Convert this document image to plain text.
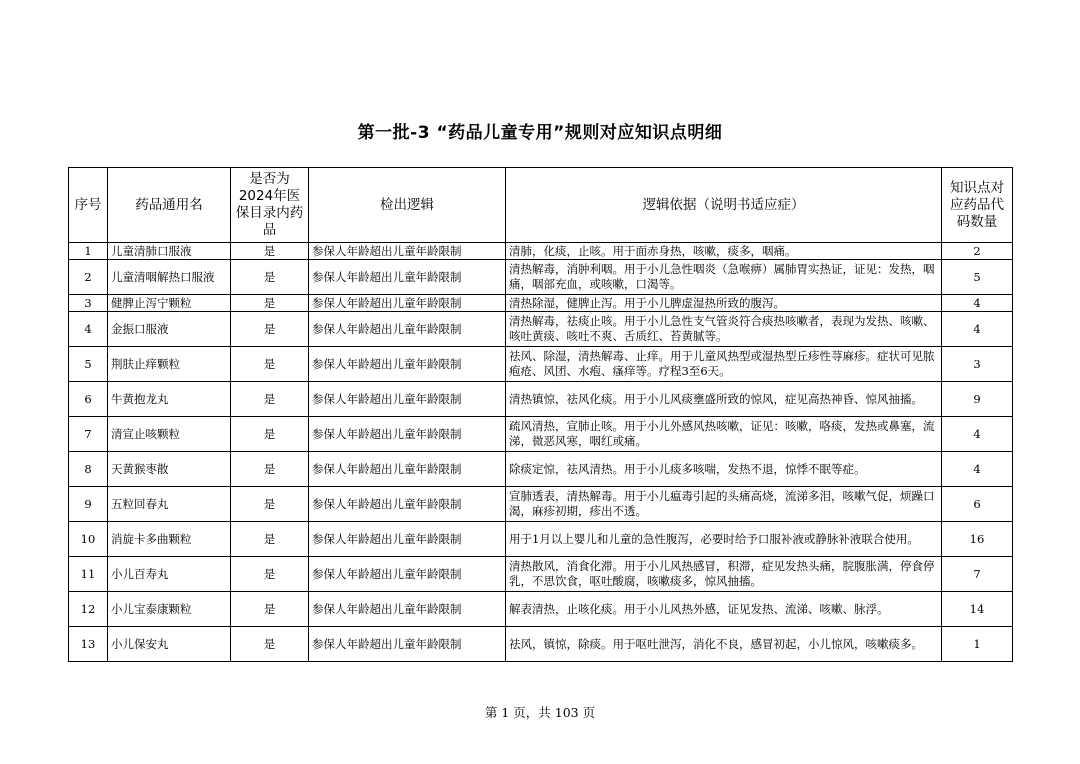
第一批-3 “药品儿童专用”规则对应知识点明细
序号	药品通用名	是否为2024年医保目录内药品	检出逻辑	逻辑依据（说明书适应症）	知识点对应药品代码数量
1	儿童清肺口服液	是	参保人年龄超出儿童年龄限制	清肺，化痰，止咳。用于面赤身热，咳嗽，痰多，咽痛。	2
2	儿童清咽解热口服液	是	参保人年龄超出儿童年龄限制	清热解毒，消肿利咽。用于小儿急性咽炎（急喉痹）属肺胃实热证，证见：发热，咽痛，咽部充血，或咳嗽，口渴等。	5
3	健脾止泻宁颗粒	是	参保人年龄超出儿童年龄限制	清热除湿，健脾止泻。用于小儿脾虚湿热所致的腹泻。	4
4	金振口服液	是	参保人年龄超出儿童年龄限制	清热解毒，祛痰止咳。用于小儿急性支气管炎符合痰热咳嗽者，表现为发热、咳嗽、咳吐黄痰、咳吐不爽、舌质红、苔黄腻等。	4
5	荆肤止痒颗粒	是	参保人年龄超出儿童年龄限制	祛风、除湿，清热解毒、止痒。用于儿童风热型或湿热型丘疹性荨麻疹。症状可见脓疱疮、风团、水疱、瘙痒等。疗程3至6天。	3
6	牛黄抱龙丸	是	参保人年龄超出儿童年龄限制	清热镇惊，祛风化痰。用于小儿风痰壅盛所致的惊风，症见高热神昏、惊风抽搐。	9
7	清宣止咳颗粒	是	参保人年龄超出儿童年龄限制	疏风清热，宣肺止咳。用于小儿外感风热咳嗽，证见：咳嗽，咯痰，发热或鼻塞，流涕，微恶风寒，咽红或痛。	4
8	天黄猴枣散	是	参保人年龄超出儿童年龄限制	除痰定惊，祛风清热。用于小儿痰多咳喘，发热不退，惊悸不眠等症。	4
9	五粒回春丸	是	参保人年龄超出儿童年龄限制	宣肺透表，清热解毒。用于小儿瘟毒引起的头痛高烧，流涕多泪，咳嗽气促，烦躁口渴，麻疹初期，疹出不透。	6
10	消旋卡多曲颗粒	是	参保人年龄超出儿童年龄限制	用于1月以上婴儿和儿童的急性腹泻，必要时给予口服补液或静脉补液联合使用。	16
11	小儿百寿丸	是	参保人年龄超出儿童年龄限制	清热散风，消食化滞。用于小儿风热感冒，积滞，症见发热头痛，脘腹胀满，停食停乳，不思饮食，呕吐酸腐，咳嗽痰多，惊风抽搐。	7
12	小儿宝泰康颗粒	是	参保人年龄超出儿童年龄限制	解表清热，止咳化痰。用于小儿风热外感，证见发热、流涕、咳嗽、脉浮。	14
13	小儿保安丸	是	参保人年龄超出儿童年龄限制	祛风，镇惊，除痰。用于呕吐泄泻，消化不良，感冒初起，小儿惊风，咳嗽痰多。	1
第 1 页，共 103 页
